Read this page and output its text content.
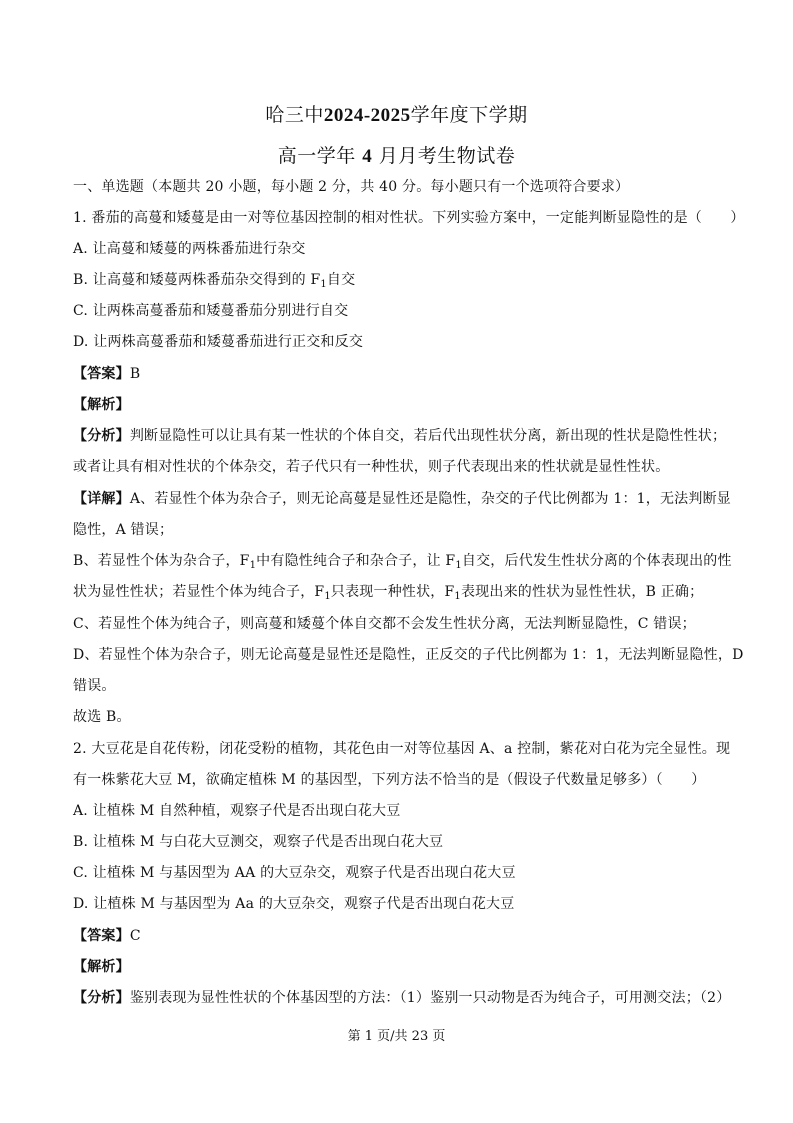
哈三中2024-2025学年度下学期
高一学年 4 月月考生物试卷
一、单选题（本题共 20 小题，每小题 2 分，共 40 分。每小题只有一个选项符合要求）
1. 番茄的高蔓和矮蔓是由一对等位基因控制的相对性状。下列实验方案中，一定能判断显隐性的是（　　）
A. 让高蔓和矮蔓的两株番茄进行杂交
B. 让高蔓和矮蔓两株番茄杂交得到的 $F_1$自交
C. 让两株高蔓番茄和矮蔓番茄分别进行自交
D. 让两株高蔓番茄和矮蔓番茄进行正交和反交
【答案】B
【解析】
【分析】判断显隐性可以让具有某一性状的个体自交，若后代出现性状分离，新出现的性状是隐性性状；
或者让具有相对性状的个体杂交，若子代只有一种性状，则子代表现出来的性状就是显性性状。
【详解】A、若显性个体为杂合子，则无论高蔓是显性还是隐性，杂交的子代比例都为 1：1，无法判断显
隐性，A 错误；
B、若显性个体为杂合子，$F_1$中有隐性纯合子和杂合子，让 $F_1$自交，后代发生性状分离的个体表现出的性
状为显性性状；若显性个体为纯合子，$F_1$只表现一种性状，$F_1$表现出来的性状为显性性状，B 正确；
C、若显性个体为纯合子，则高蔓和矮蔓个体自交都不会发生性状分离，无法判断显隐性，C 错误；
D、若显性个体为杂合子，则无论高蔓是显性还是隐性，正反交的子代比例都为 1：1，无法判断显隐性，D
错误。
故选 B。
2. 大豆花是自花传粉，闭花受粉的植物，其花色由一对等位基因 A、a 控制，紫花对白花为完全显性。现
有一株紫花大豆 M，欲确定植株 M 的基因型，下列方法不恰当的是（假设子代数量足够多）（　　）
A. 让植株 M 自然种植，观察子代是否出现白花大豆
B. 让植株 M 与白花大豆测交，观察子代是否出现白花大豆
C. 让植株 M 与基因型为 AA 的大豆杂交，观察子代是否出现白花大豆
D. 让植株 M 与基因型为 Aa 的大豆杂交，观察子代是否出现白花大豆
【答案】C
【解析】
【分析】鉴别表现为显性性状的个体基因型的方法：（1）鉴别一只动物是否为纯合子，可用测交法；（2）
第 1 页/共 23 页
